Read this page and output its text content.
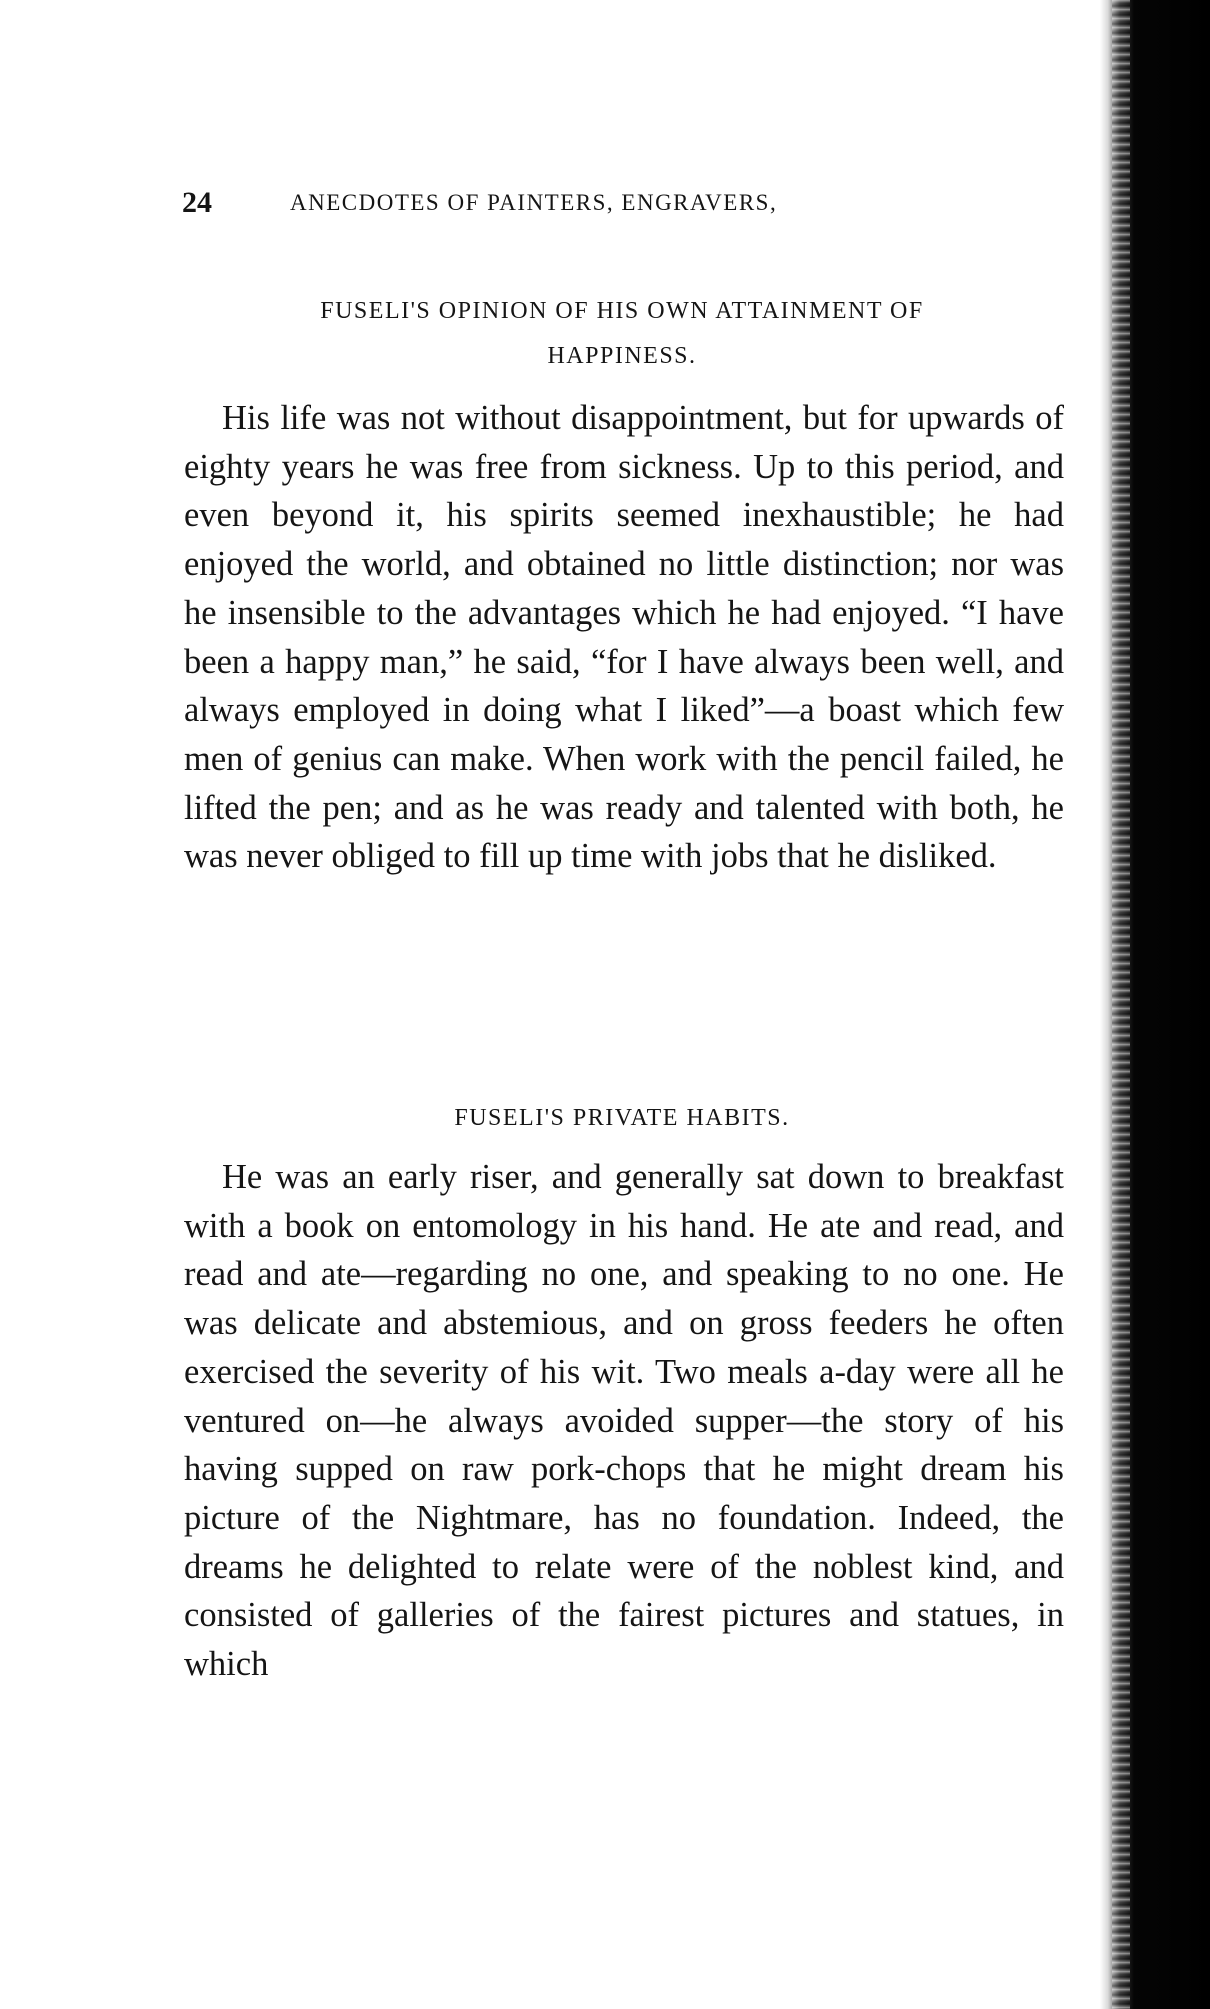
24	ANECDOTES OF PAINTERS, ENGRAVERS,
FUSELI'S OPINION OF HIS OWN ATTAINMENT OF
HAPPINESS.

His life was not without disappointment, but for upwards of eighty years he was free from sickness. Up to this period, and even beyond it, his spirits seemed inexhaustible; he had enjoyed the world, and obtained no little distinction; nor was he insensible to the advantages which he had enjoyed. “I have been a happy man,” he said, “for I have always been well, and always employed in doing what I liked”—a boast which few men of genius can make. When work with the pencil failed, he lifted the pen; and as he was ready and talented with both, he was never obliged to fill up time with jobs that he disliked.

FUSELI'S PRIVATE HABITS.

He was an early riser, and generally sat down to breakfast with a book on entomology in his hand. He ate and read, and read and ate—regarding no one, and speaking to no one. He was delicate and abstemious, and on gross feeders he often exercised the severity of his wit. Two meals a-day were all he ventured on—he always avoided supper—the story of his having supped on raw pork-chops that he might dream his picture of the Nightmare, has no foundation. Indeed, the dreams he delighted to relate were of the noblest kind, and consisted of galleries of the fairest pictures and statues, in which
